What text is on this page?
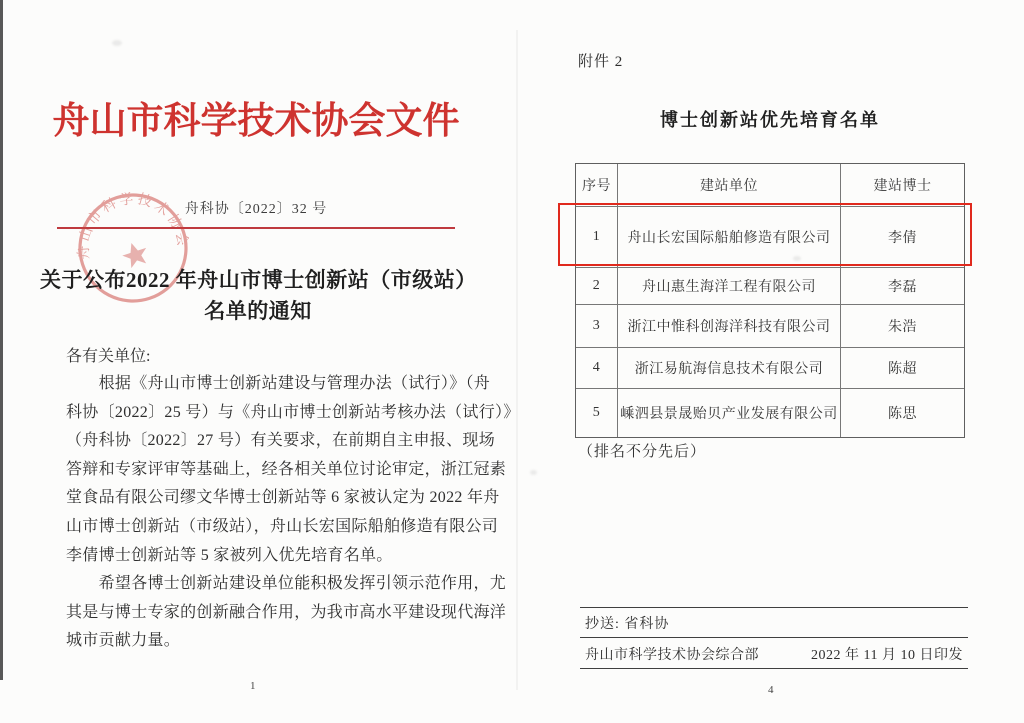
舟山市科学技术协会文件
舟科协〔2022〕32 号
舟山市科学技术协会
关于公布2022 年舟山市博士创新站（市级站）
名单的通知
各有关单位:
　　根据《舟山市博士创新站建设与管理办法（试行）》（舟
科协〔2022〕25 号）与《舟山市博士创新站考核办法（试行）》
（舟科协〔2022〕27 号）有关要求，在前期自主申报、现场
答辩和专家评审等基础上，经各相关单位讨论审定，浙江冠素
堂食品有限公司缪文华博士创新站等 6 家被认定为 2022 年舟
山市博士创新站（市级站），舟山长宏国际船舶修造有限公司
李倩博士创新站等 5 家被列入优先培育名单。
　　希望各博士创新站建设单位能积极发挥引领示范作用，尤
其是与博士专家的创新融合作用，为我市高水平建设现代海洋
城市贡献力量。
1
附件 2
博士创新站优先培育名单
序号	建站单位	建站博士
1	舟山长宏国际船舶修造有限公司	李倩
2	舟山惠生海洋工程有限公司	李磊
3	浙江中惟科创海洋科技有限公司	朱浩
4	浙江易航海信息技术有限公司	陈超
5	嵊泗县景晟贻贝产业发展有限公司	陈思
（排名不分先后）
抄送: 省科协
舟山市科学技术协会综合部	2022 年 11 月 10 日印发
4
